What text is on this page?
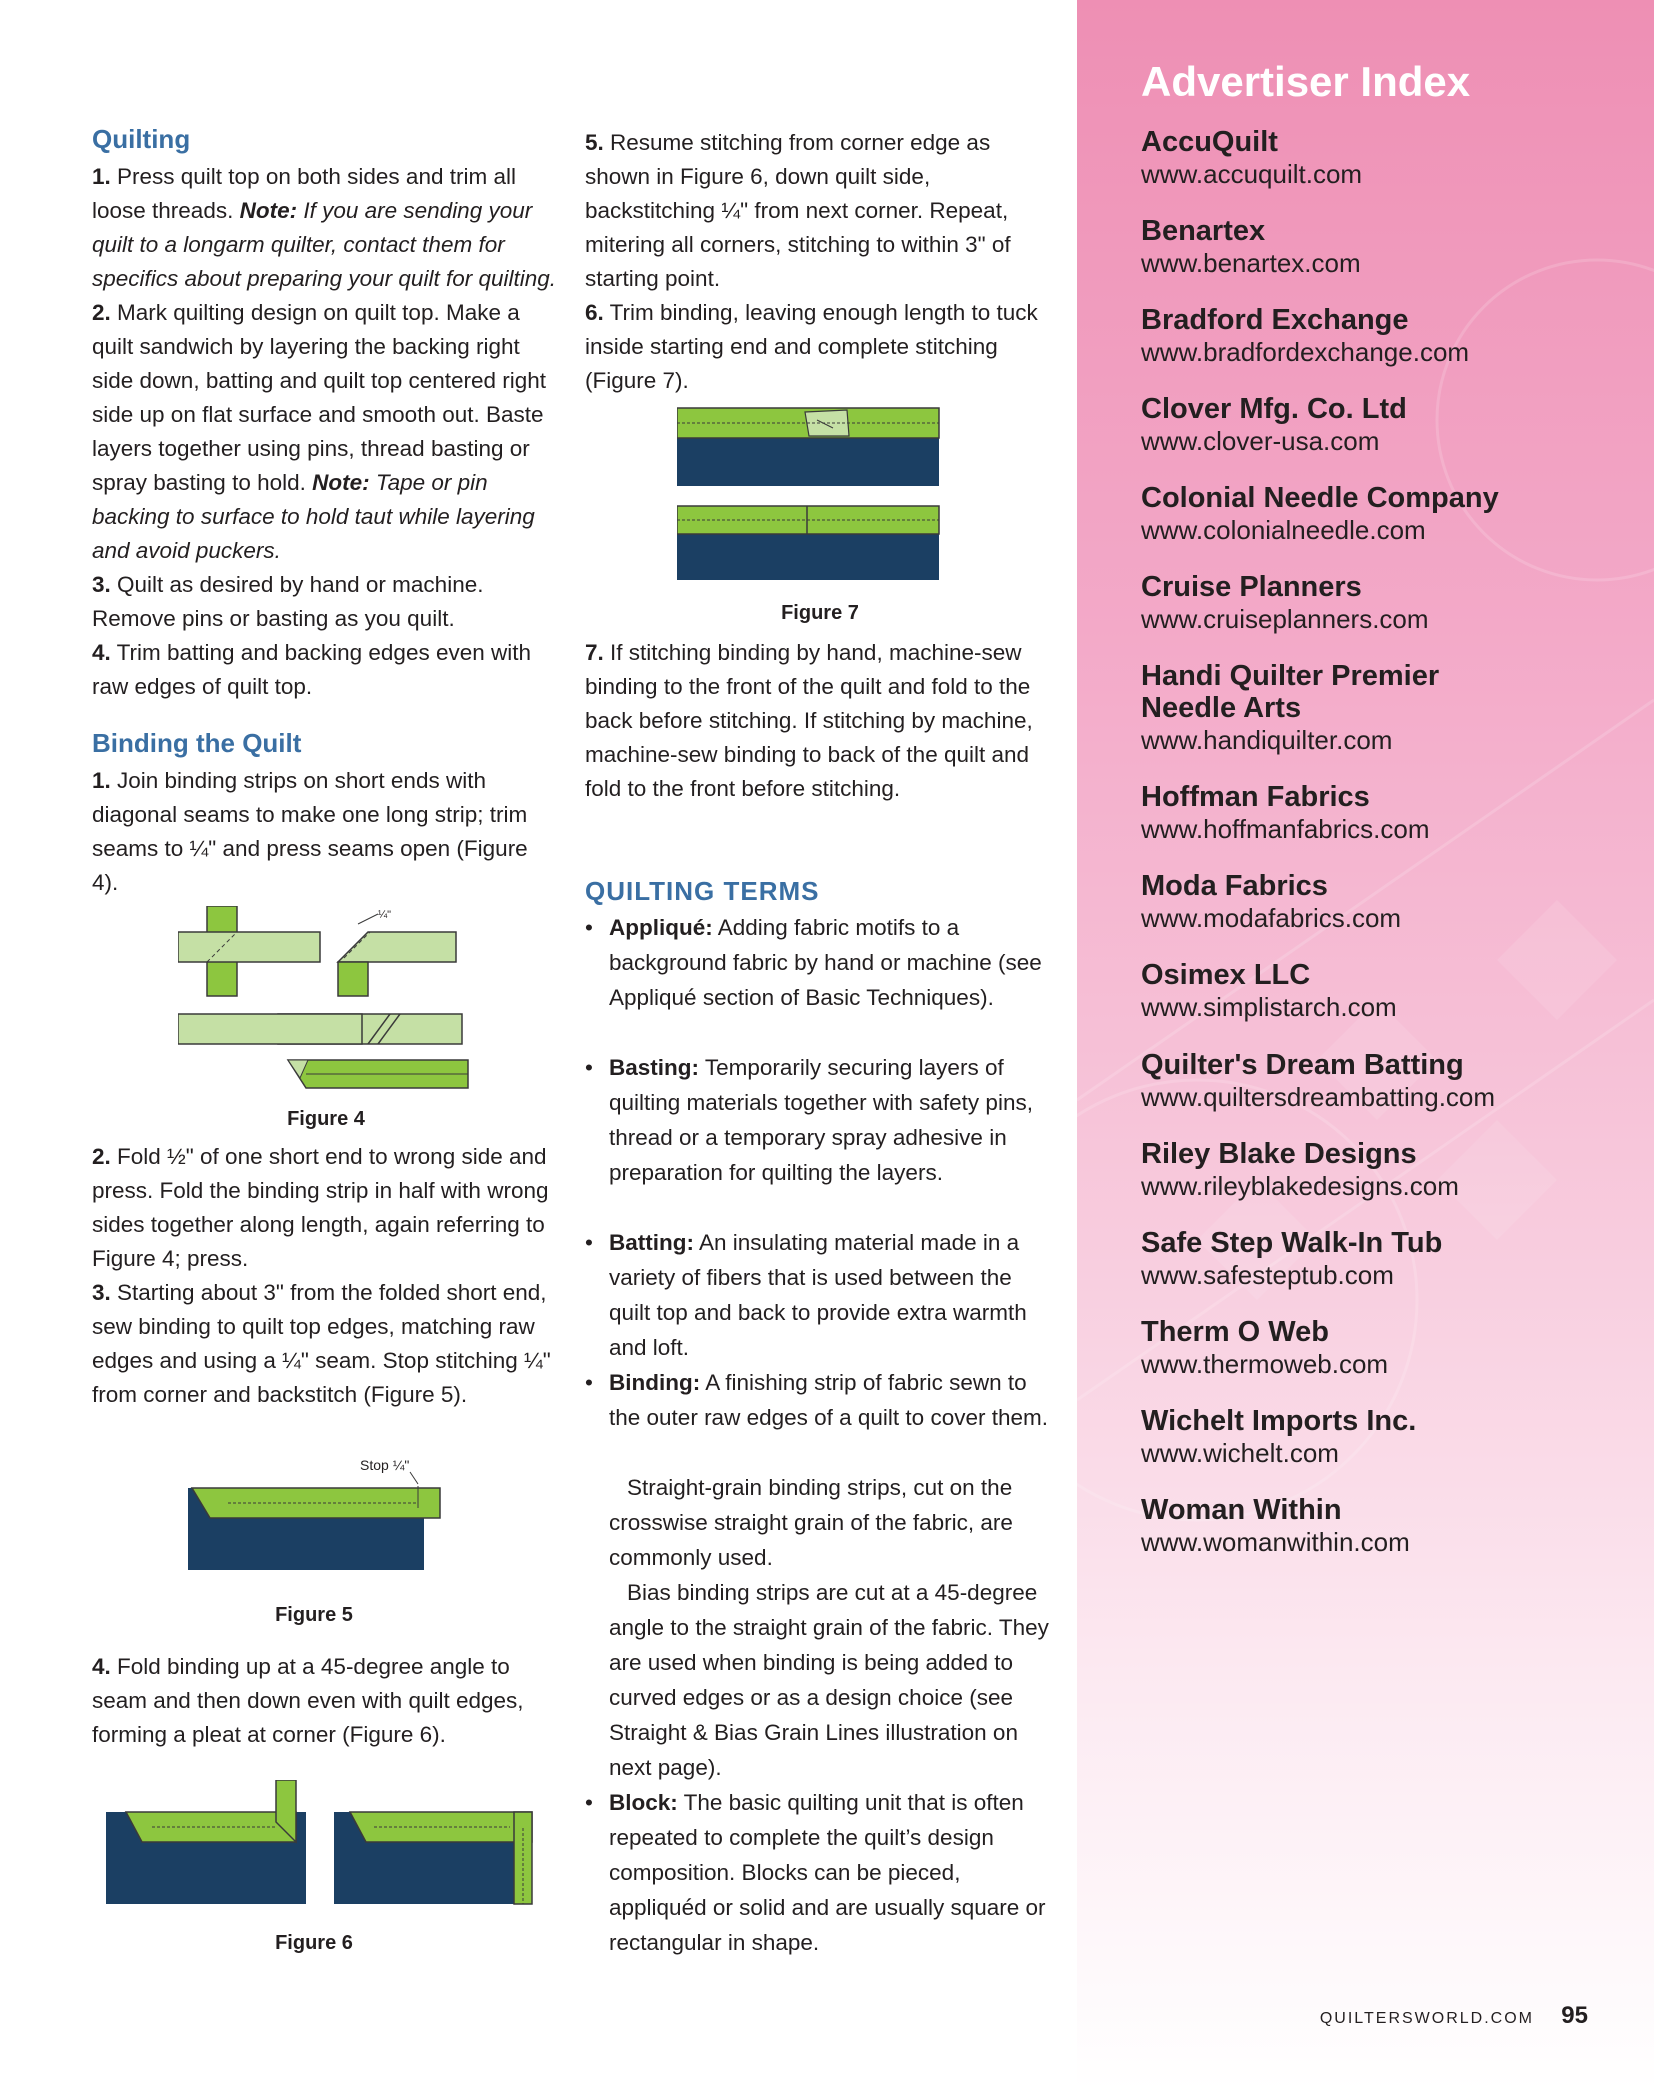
Quilting

1. Press quilt top on both sides and trim all loose threads. Note: If you are sending your quilt to a longarm quilter, contact them for specifics about preparing your quilt for quilting.

2. Mark quilting design on quilt top. Make a quilt sandwich by layering the backing right side down, batting and quilt top centered right side up on flat surface and smooth out. Baste layers together using pins, thread basting or spray basting to hold. Note: Tape or pin backing to surface to hold taut while layering and avoid puckers.

3. Quilt as desired by hand or machine. Remove pins or basting as you quilt.

4. Trim batting and backing edges even with raw edges of quilt top.

Binding the Quilt

1. Join binding strips on short ends with diagonal seams to make one long strip; trim seams to ¼" and press seams open (Figure 4).

¼"
Figure 4

2. Fold ½" of one short end to wrong side and press. Fold the binding strip in half with wrong sides together along length, again referring to Figure 4; press.

3. Starting about 3" from the folded short end, sew binding to quilt top edges, matching raw edges and using a ¼" seam. Stop stitching ¼" from corner and backstitch (Figure 5).

Stop ¼"
Figure 5

4. Fold binding up at a 45-degree angle to seam and then down even with quilt edges, forming a pleat at corner (Figure 6).

Figure 6

5. Resume stitching from corner edge as shown in Figure 6, down quilt side, backstitching ¼" from next corner. Repeat, mitering all corners, stitching to within 3" of starting point.

6. Trim binding, leaving enough length to tuck inside starting end and complete stitching (Figure 7).

Figure 7

7. If stitching binding by hand, machine-sew binding to the front of the quilt and fold to the back before stitching. If stitching by machine, machine-sew binding to back of the quilt and fold to the front before stitching.

QUILTING TERMS
• Appliqué: Adding fabric motifs to a background fabric by hand or machine (see Appliqué section of Basic Techniques).
• Basting: Temporarily securing layers of quilting materials together with safety pins, thread or a temporary spray adhesive in preparation for quilting the layers.
• Batting: An insulating material made in a variety of fibers that is used between the quilt top and back to provide extra warmth and loft.
• Binding: A finishing strip of fabric sewn to the outer raw edges of a quilt to cover them.
Straight-grain binding strips, cut on the crosswise straight grain of the fabric, are commonly used.
Bias binding strips are cut at a 45-degree angle to the straight grain of the fabric. They are used when binding is being added to curved edges or as a design choice (see Straight & Bias Grain Lines illustration on next page).
• Block: The basic quilting unit that is often repeated to complete the quilt’s design composition. Blocks can be pieced, appliquéd or solid and are usually square or rectangular in shape.
Advertiser Index
AccuQuilt
www.accuquilt.com
Benartex
www.benartex.com
Bradford Exchange
www.bradfordexchange.com
Clover Mfg. Co. Ltd
www.clover-usa.com
Colonial Needle Company
www.colonialneedle.com
Cruise Planners
www.cruiseplanners.com
Handi Quilter Premier
Needle Arts
www.handiquilter.com
Hoffman Fabrics
www.hoffmanfabrics.com
Moda Fabrics
www.modafabrics.com
Osimex LLC
www.simplistarch.com
Quilter's Dream Batting
www.quiltersdreambatting.com
Riley Blake Designs
www.rileyblakedesigns.com
Safe Step Walk-In Tub
www.safesteptub.com
Therm O Web
www.thermoweb.com
Wichelt Imports Inc.
www.wichelt.com
Woman Within
www.womanwithin.com
QUILTERSWORLD.COM 95
